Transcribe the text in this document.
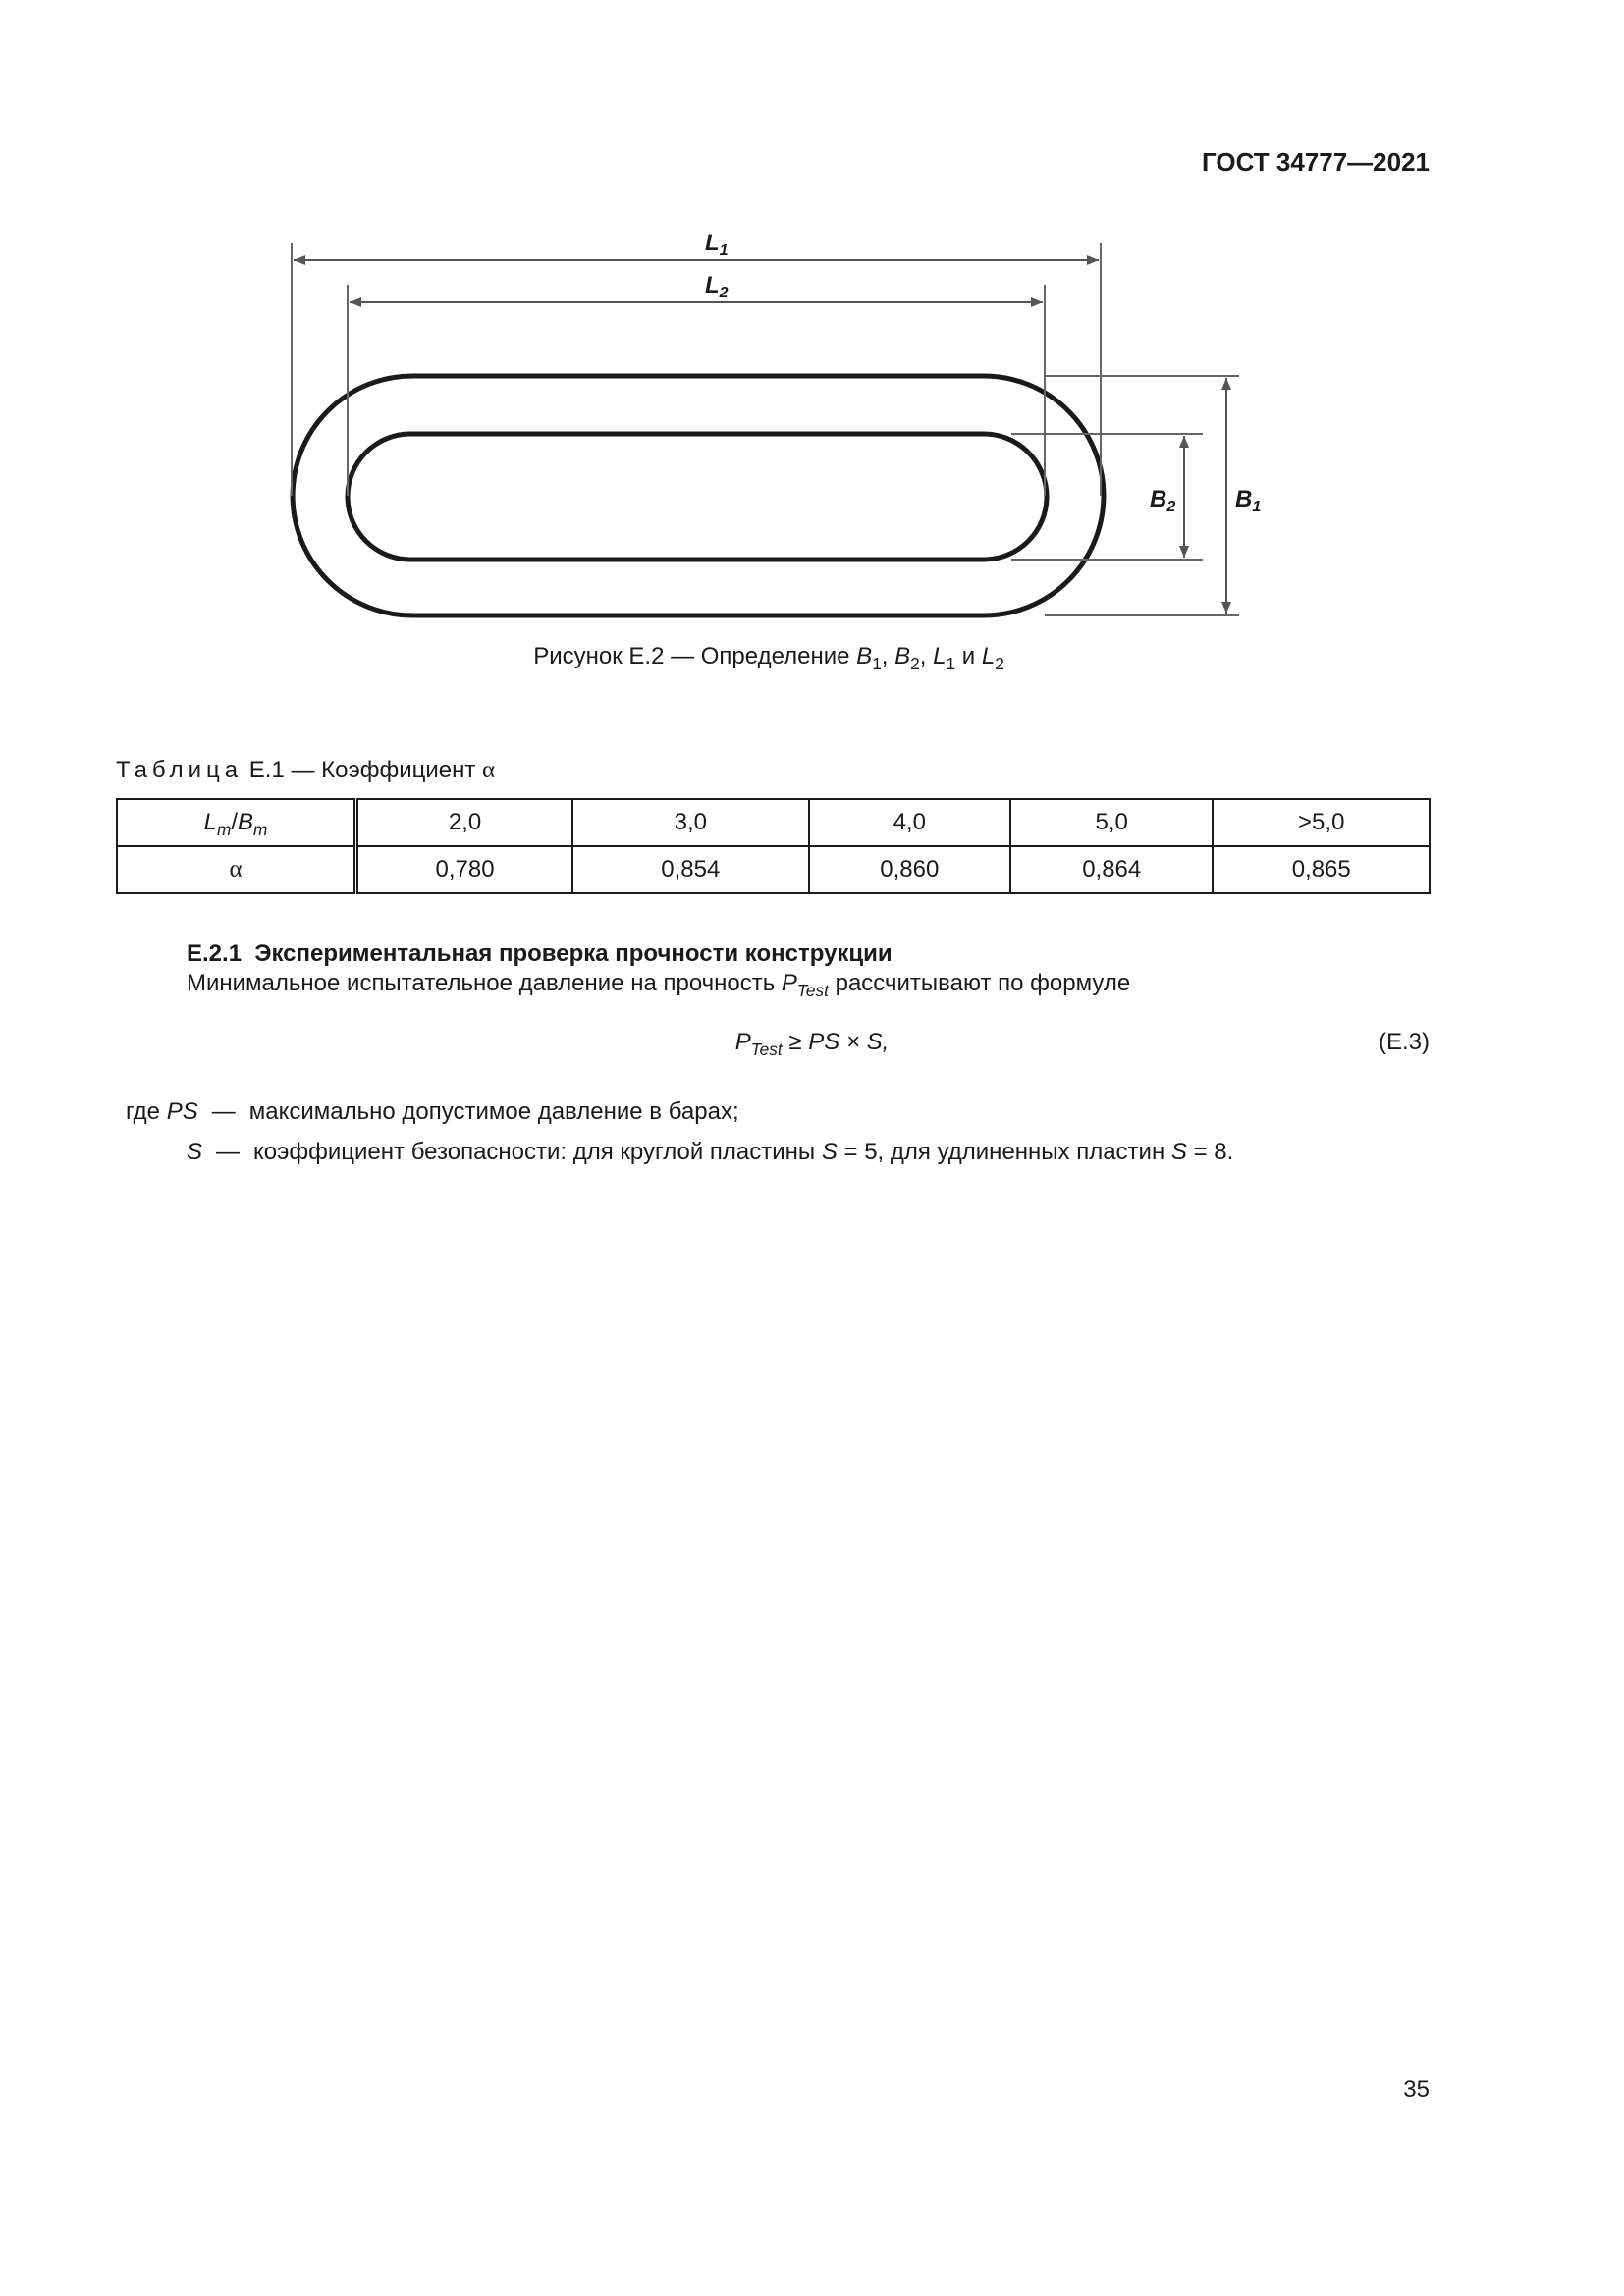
ГОСТ 34777—2021
$L_1$
$L_2$
$B_2$	$B_1$
Рисунок Е.2 — Определение $B_1$, $B_2$, $L_1$ и $L_2$
Таблица Е.1 — Коэффициент α
$L_m/B_m$	2,0	3,0	4,0	5,0	>5,0
α	0,780	0,854	0,860	0,864	0,865
Е.2.1  Экспериментальная проверка прочности конструкции
Минимальное испытательное давление на прочность $P_{Test}$ рассчитывают по формуле
$P_{Test}$ ≥ PS × S,	(Е.3)
где PS — максимально допустимое давление в барах;
S — коэффициент безопасности: для круглой пластины S = 5, для удлиненных пластин S = 8.
35
